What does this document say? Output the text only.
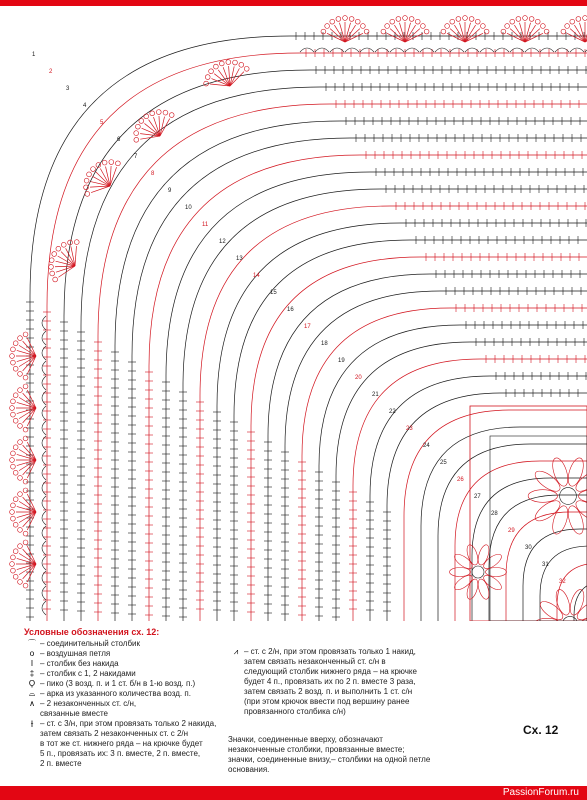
1
2
3
4
5
6
7
8
9
10
11
12
13
14
15
16
17
18
19
20
21
22
23
24
25
26
27
28
29
30
31
32
Условные обозначения сх. 12:
⌒ – соединительный столбик
o – воздушная петля
I – столбик без накида
‡ – столбик с 1, 2 накидами
Ϙ – пико (3 возд. п. и 1 ст. б/н в 1-ю возд. п.)
⌓ – арка из указанного количества возд. п.
∧ – 2 незаконченных ст. с/н,
связанные вместе
⫲ – ст. с 3/н, при этом провязать только 2 накида,
затем связать 2 незаконченных ст. с 2/н
в тот же ст. нижнего ряда – на крючке будет
5 п., провязать их: 3 п. вместе, 2 п. вместе,
2 п. вместе
⩘ – ст. с 2/н, при этом провязать только 1 накид,
затем связать незаконченный ст. с/н в
следующий столбик нижнего ряда – на крючке
будет 4 п., провязать их по 2 п. вместе 3 раза,
затем связать 2 возд. п. и выполнить 1 ст. с/н
(при этом крючок ввести под вершину ранее
провязанного столбика с/н)
Значки, соединенные вверху, обозначают
незаконченные столбики, провязанные вместе;
значки, соединенные внизу,– столбики на одной петле
основания.
Сх. 12
PassionForum.ru
